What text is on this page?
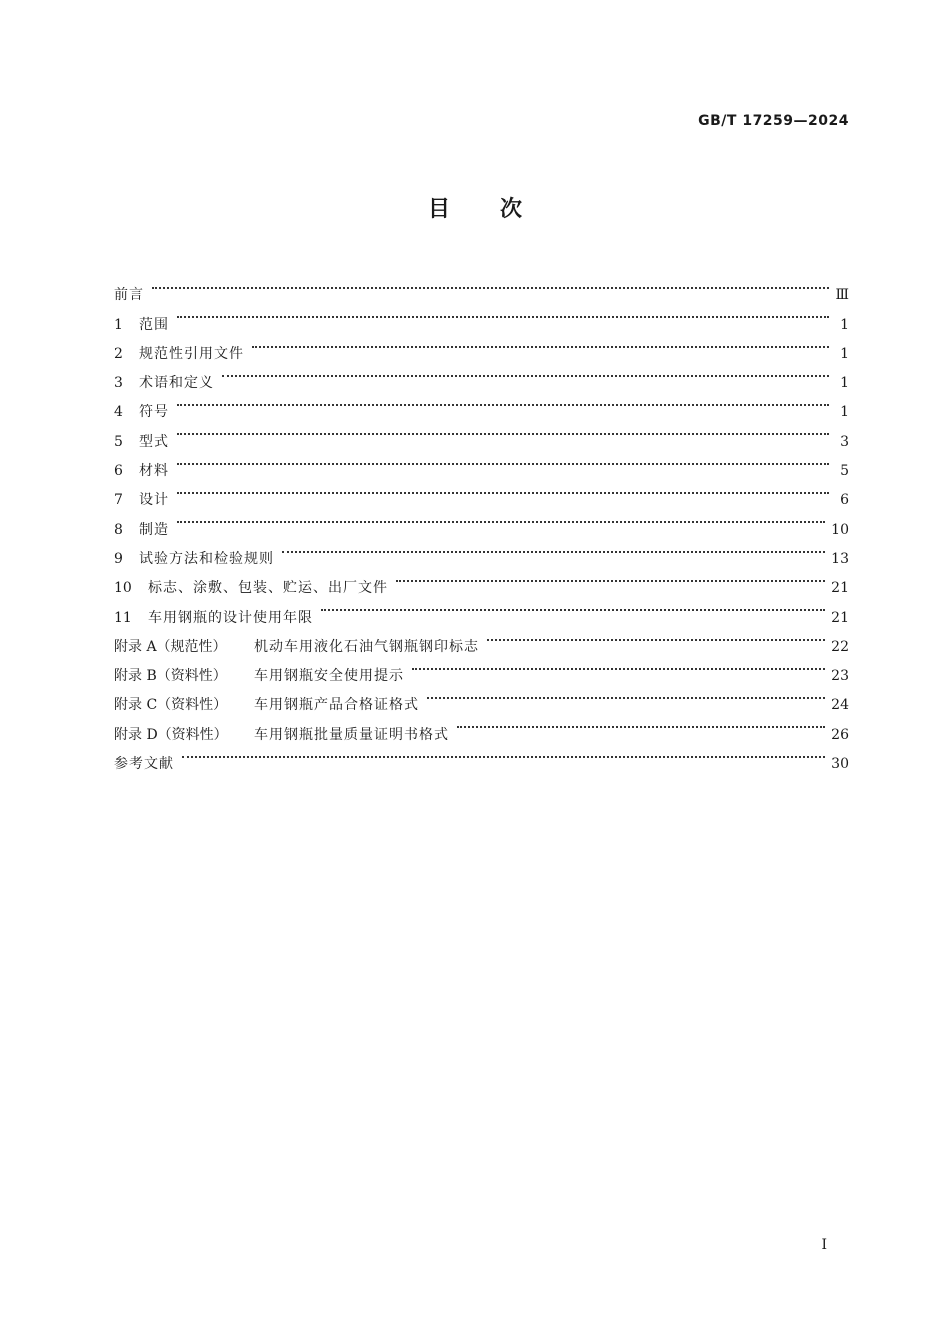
GB/T 17259—2024
目次
前言	Ⅲ
1	范围	1
2	规范性引用文件	1
3	术语和定义	1
4	符号	1
5	型式	3
6	材料	5
7	设计	6
8	制造	10
9	试验方法和检验规则	13
10	标志、涂敷、包装、贮运、出厂文件	21
11	车用钢瓶的设计使用年限	21
附录 A（规范性）	机动车用液化石油气钢瓶钢印标志	22
附录 B（资料性）	车用钢瓶安全使用提示	23
附录 C（资料性）	车用钢瓶产品合格证格式	24
附录 D（资料性）	车用钢瓶批量质量证明书格式	26
参考文献	30
I
